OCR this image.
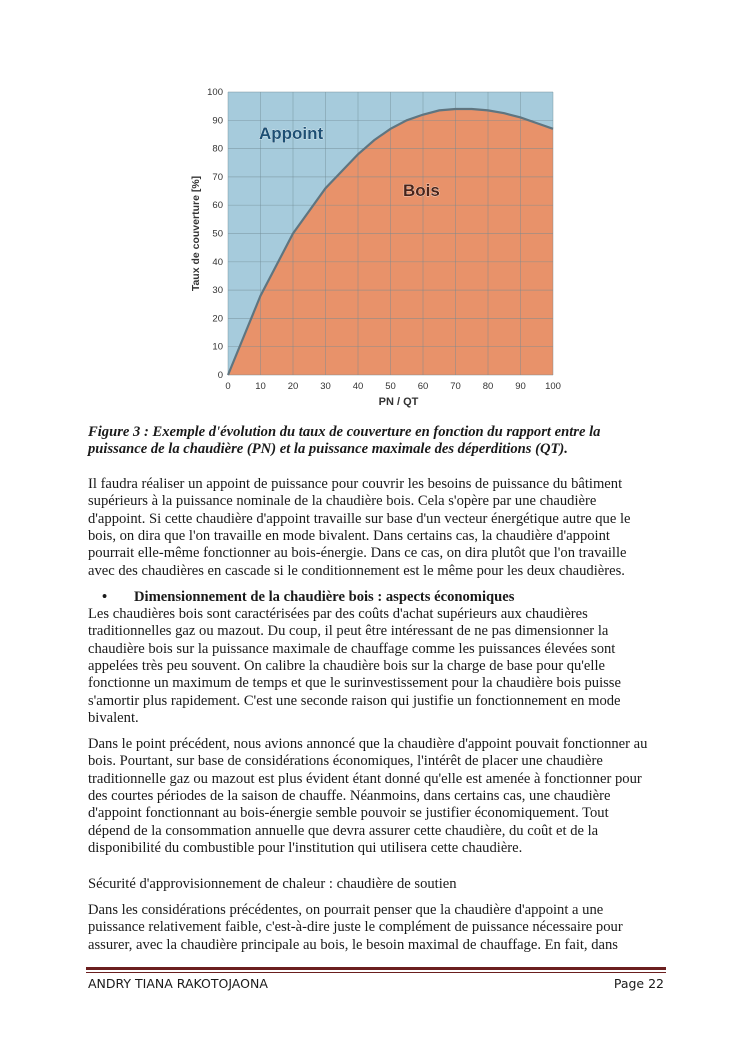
0	10 20 30 40 50 60 70 80 90 100
0
10
20
30
40
50
60
70
80
90
100
PN / QT
Taux de couverture [%]
Appoint
Bois
Figure 3 : Exemple d'évolution du taux de couverture en fonction du rapport entre la
puissance de la chaudière (PN) et la puissance maximale des déperditions (QT).
Il faudra réaliser un appoint de puissance pour couvrir les besoins de puissance du bâtiment
supérieurs à la puissance nominale de la chaudière bois. Cela s'opère par une chaudière
d'appoint. Si cette chaudière d'appoint travaille sur base d'un vecteur énergétique autre que le
bois, on dira que l'on travaille en mode bivalent. Dans certains cas, la chaudière d'appoint
pourrait elle-même fonctionner au bois-énergie. Dans ce cas, on dira plutôt que l'on travaille
avec des chaudières en cascade si le conditionnement est le même pour les deux chaudières.
• Dimensionnement de la chaudière bois : aspects économiques
Les chaudières bois sont caractérisées par des coûts d'achat supérieurs aux chaudières
traditionnelles gaz ou mazout. Du coup, il peut être intéressant de ne pas dimensionner la
chaudière bois sur la puissance maximale de chauffage comme les puissances élevées sont
appelées très peu souvent. On calibre la chaudière bois sur la charge de base pour qu'elle
fonctionne un maximum de temps et que le surinvestissement pour la chaudière bois puisse
s'amortir plus rapidement. C'est une seconde raison qui justifie un fonctionnement en mode
bivalent.
Dans le point précédent, nous avions annoncé que la chaudière d'appoint pouvait fonctionner au
bois. Pourtant, sur base de considérations économiques, l'intérêt de placer une chaudière
traditionnelle gaz ou mazout est plus évident étant donné qu'elle est amenée à fonctionner pour
des courtes périodes de la saison de chauffe. Néanmoins, dans certains cas, une chaudière
d'appoint fonctionnant au bois-énergie semble pouvoir se justifier économiquement. Tout
dépend de la consommation annuelle que devra assurer cette chaudière, du coût et de la
disponibilité du combustible pour l'institution qui utilisera cette chaudière.
Sécurité d'approvisionnement de chaleur : chaudière de soutien
Dans les considérations précédentes, on pourrait penser que la chaudière d'appoint a une
puissance relativement faible, c'est-à-dire juste le complément de puissance nécessaire pour
assurer, avec la chaudière principale au bois, le besoin maximal de chauffage. En fait, dans
ANDRY TIANA RAKOTOJAONA	Page 22
